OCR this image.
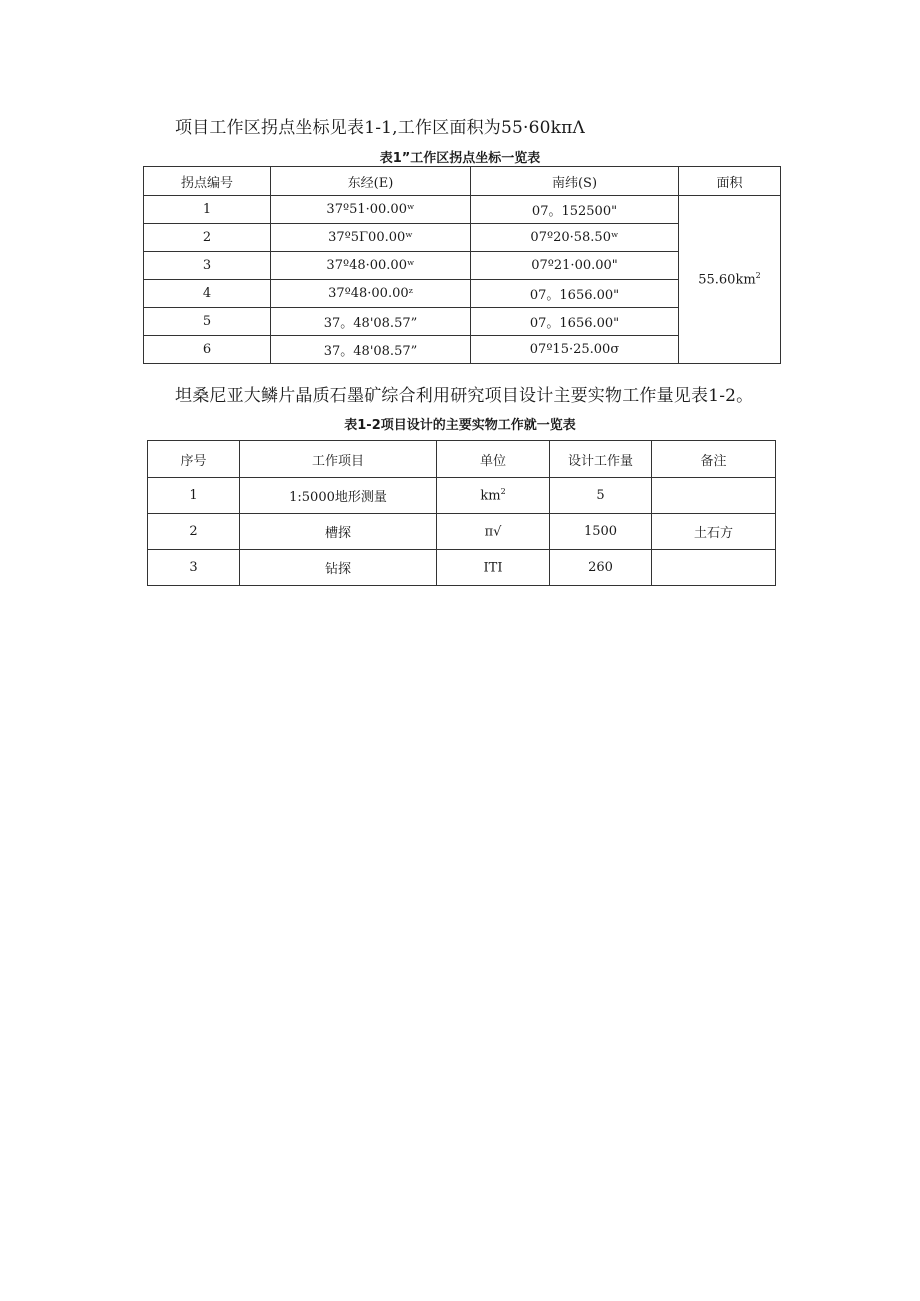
项目工作区拐点坐标见表1-1,工作区面积为55·60kπΛ
表1”工作区拐点坐标一览表
拐点编号	东经(E)	南纬(S)	面积
1	37º51·00.00ʷ	07。152500"	$55.60km^2$
2	37º5Γ00.00ʷ	07º20·58.50ʷ	
3	37º48·00.00ʷ	07º21·00.00"	
4	37º48·00.00ᶻ	07。1656.00"	
5	37。48'08.57”	07。1656.00"	
6	37。48'08.57”	07º15·25.00σ	
坦桑尼亚大鳞片晶质石墨矿综合利用研究项目设计主要实物工作量见表1-2。
表1-2项目设计的主要实物工作就一览表
序号	工作项目	单位	设计工作量	备注
1	1:5000地形测量	$km^2$	5	
2	槽探	π√	1500	土石方
3	钻探	ITI	260	
